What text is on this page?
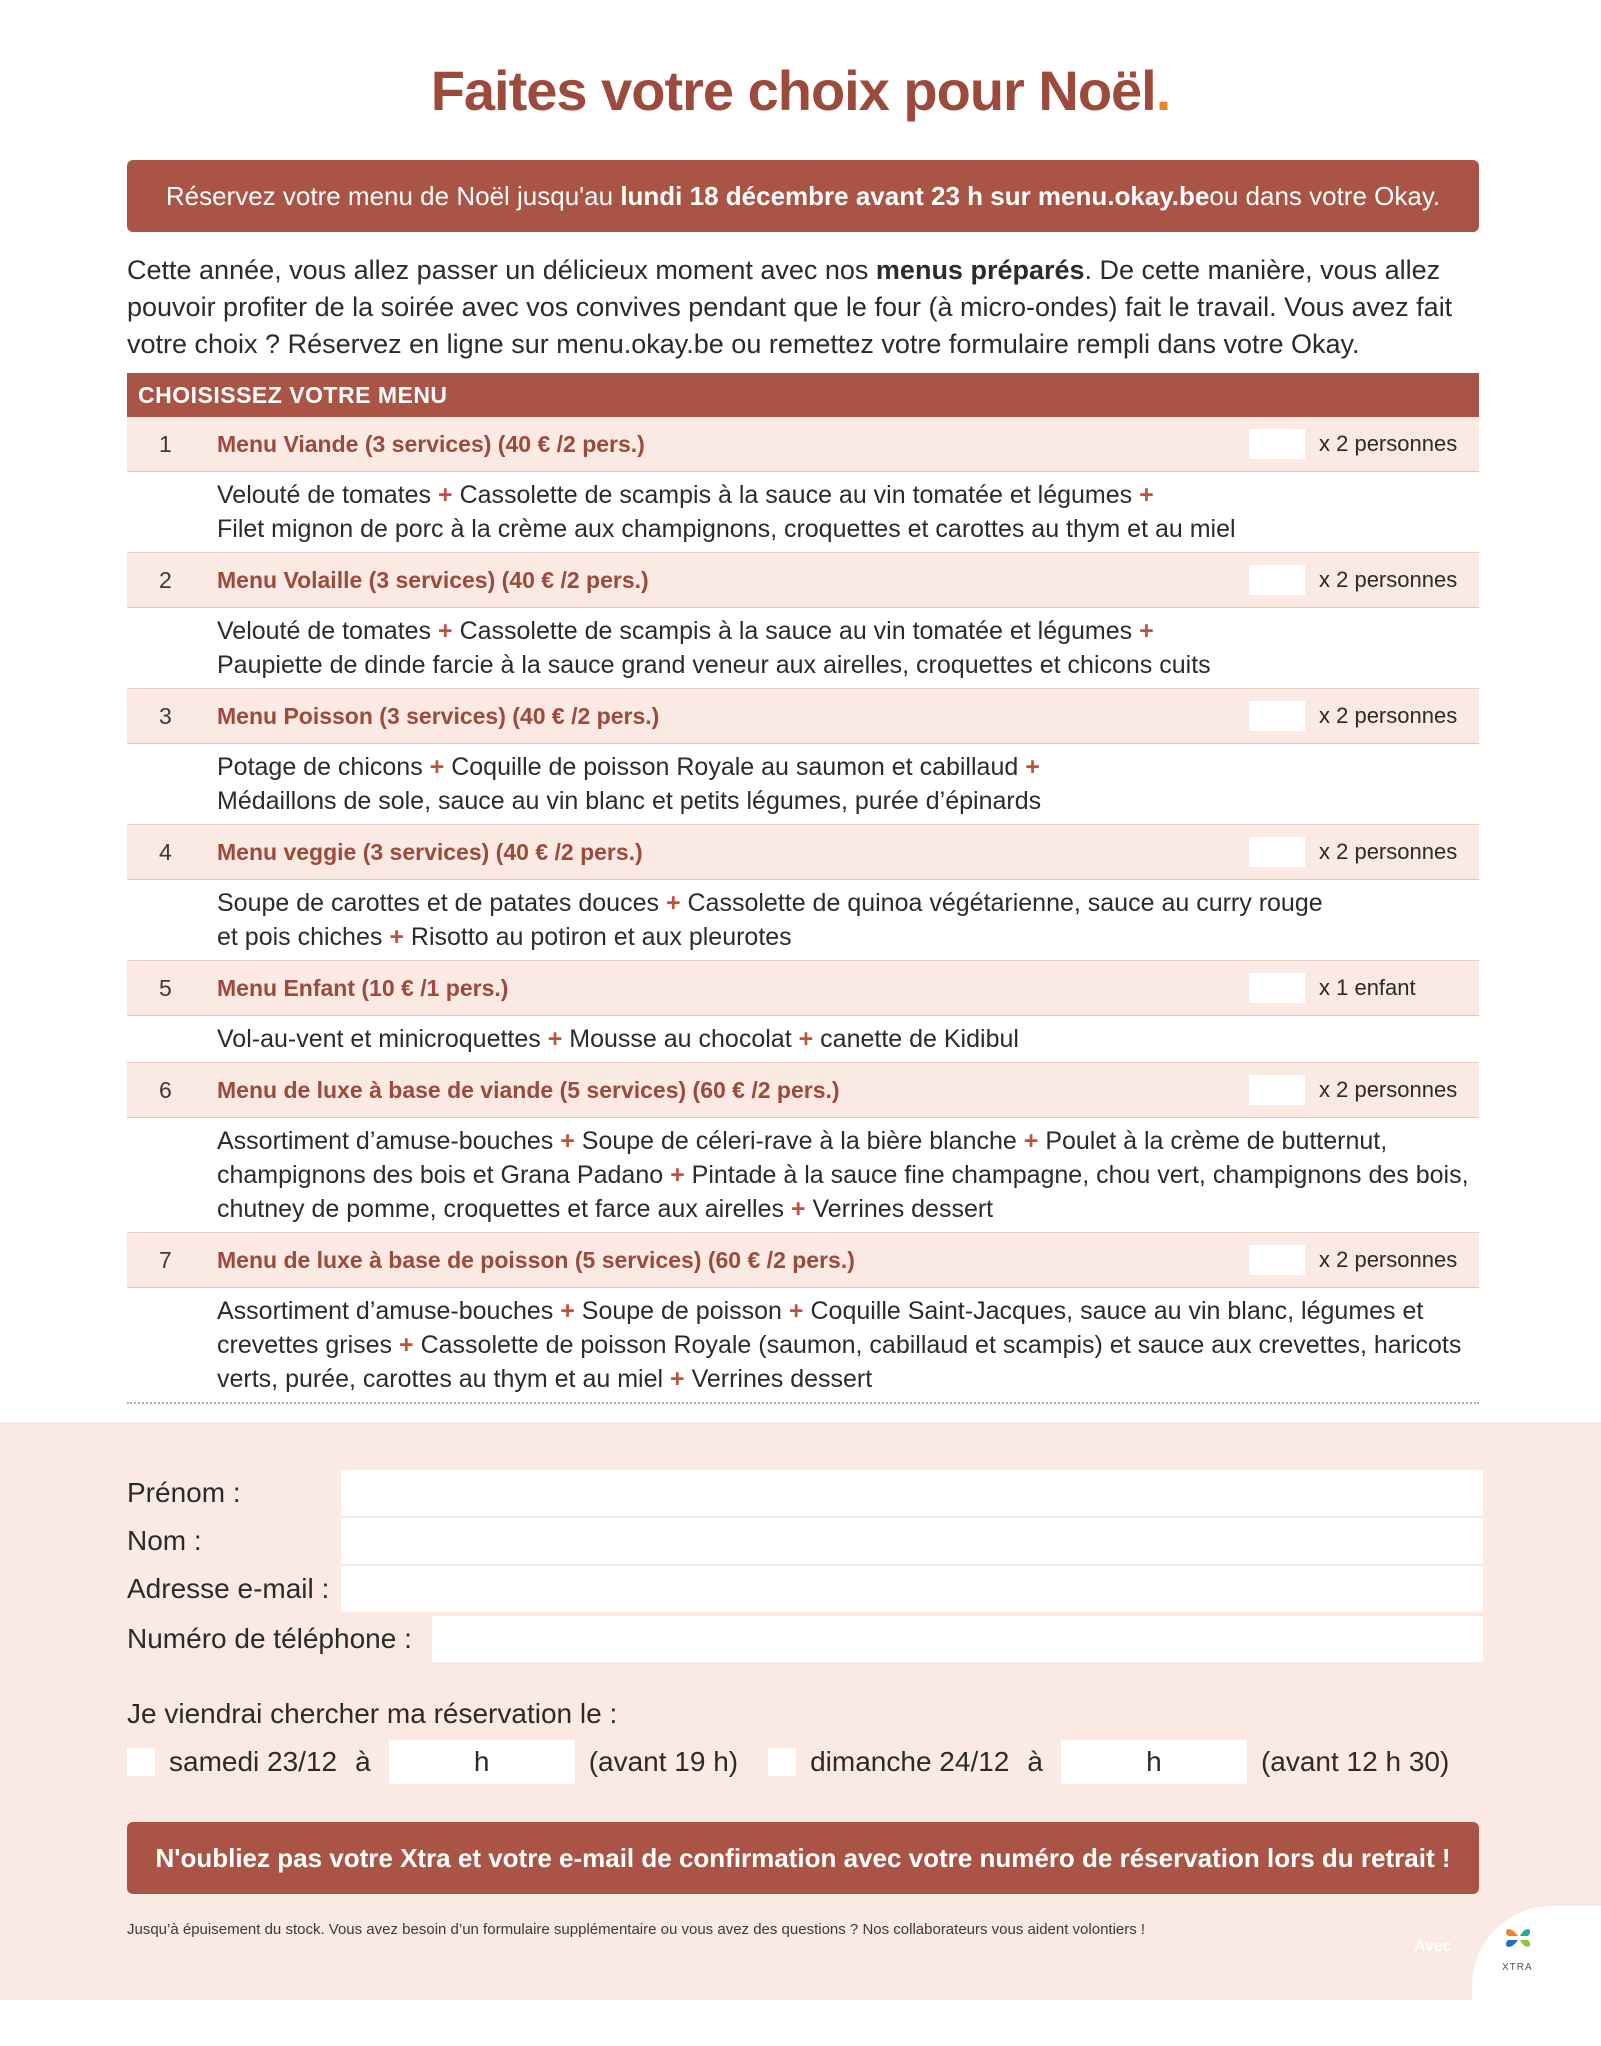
Faites votre choix pour Noël.
Réservez votre menu de Noël jusqu'au
lundi 18 décembre avant 23 h sur menu.okay.be ou dans votre Okay.

Cette année, vous allez passer un délicieux moment avec nos menus préparés. De cette manière, vous allez pouvoir profiter de la soirée avec vos convives pendant que le four (à micro-ondes) fait le travail. Vous avez fait votre choix ? Réservez en ligne sur menu.okay.be ou remettez votre formulaire rempli dans votre Okay.

CHOISISSEZ VOTRE MENU
1	Menu Viande (3 services) (40 € /2 pers.)	x 2 personnes
Velouté de tomates + Cassolette de scampis à la sauce au vin tomatée et légumes +
Filet mignon de porc à la crème aux champignons, croquettes et carottes au thym et au miel
2	Menu Volaille (3 services) (40 € /2 pers.)	x 2 personnes
Velouté de tomates + Cassolette de scampis à la sauce au vin tomatée et légumes +
Paupiette de dinde farcie à la sauce grand veneur aux airelles, croquettes et chicons cuits
3	Menu Poisson (3 services) (40 € /2 pers.)	x 2 personnes
Potage de chicons + Coquille de poisson Royale au saumon et cabillaud +
Médaillons de sole, sauce au vin blanc et petits légumes, purée d’épinards
4	Menu veggie (3 services) (40 € /2 pers.)	x 2 personnes
Soupe de carottes et de patates douces + Cassolette de quinoa végétarienne, sauce au curry rouge
et pois chiches + Risotto au potiron et aux pleurotes
5	Menu Enfant (10 € /1 pers.)	x 1 enfant
Vol-au-vent et minicroquettes + Mousse au chocolat + canette de Kidibul
6	Menu de luxe à base de viande (5 services) (60 € /2 pers.)	x 2 personnes
Assortiment d’amuse-bouches + Soupe de céleri-rave à la bière blanche + Poulet à la crème de butternut,
champignons des bois et Grana Padano + Pintade à la sauce fine champagne, chou vert, champignons des bois,
chutney de pomme, croquettes et farce aux airelles + Verrines dessert
7	Menu de luxe à base de poisson (5 services) (60 € /2 pers.)	x 2 personnes
Assortiment d’amuse-bouches + Soupe de poisson + Coquille Saint-Jacques, sauce au vin blanc, légumes et
crevettes grises + Cassolette de poisson Royale (saumon, cabillaud et scampis) et sauce aux crevettes, haricots
verts, purée, carottes au thym et au miel + Verrines dessert
Prénom :
Nom :
Adresse e-mail :
Numéro de téléphone :
Je viendrai chercher ma réservation le :
samedi 23/12 à	h	(avant 19 h)	dimanche 24/12 à	h	(avant 12 h 30)
N'oubliez pas votre Xtra et votre e-mail de confirmation avec votre numéro de réservation lors du retrait !
Jusqu’à épuisement du stock. Vous avez besoin d’un formulaire supplémentaire ou vous avez des questions ? Nos collaborateurs vous aident volontiers !
Avec
XTRA
